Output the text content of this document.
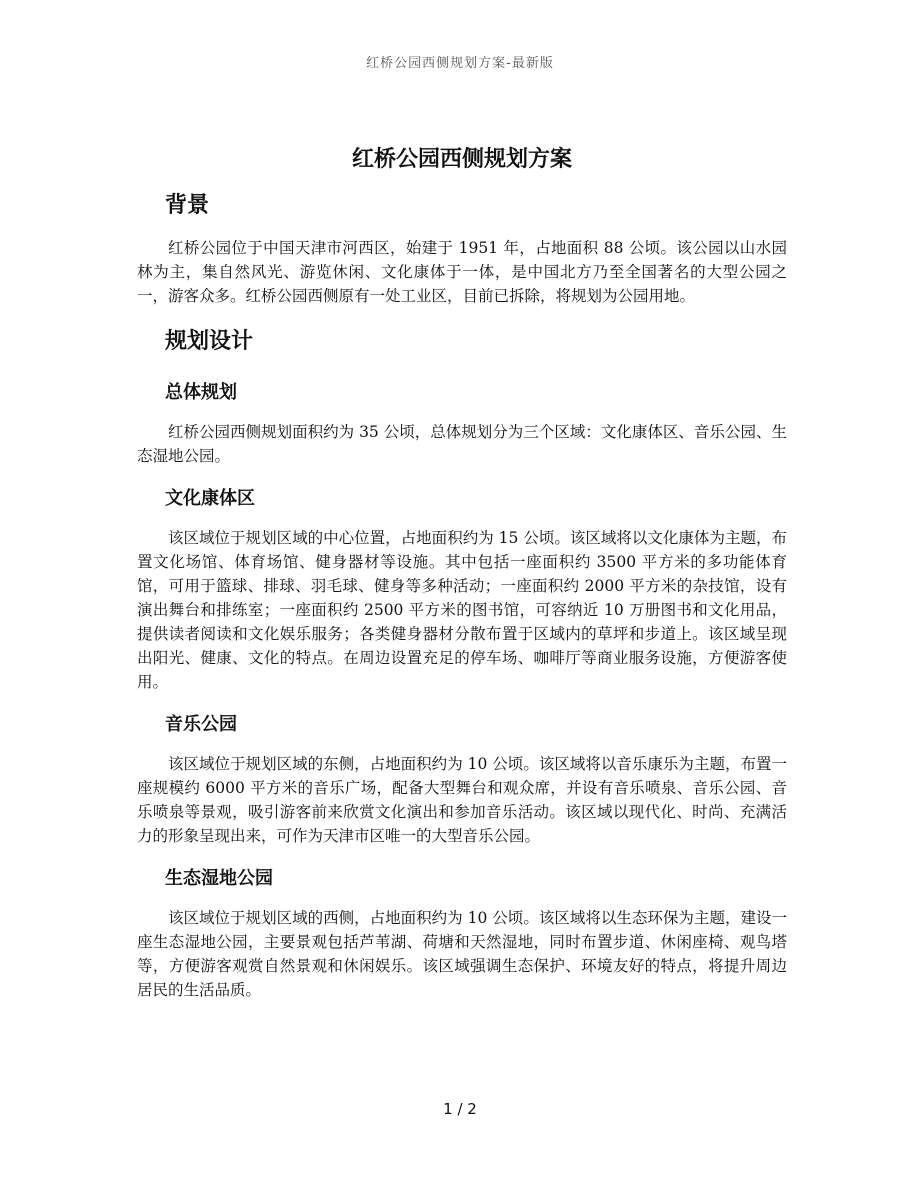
红桥公园西侧规划方案-最新版
红桥公园西侧规划方案
背景

红桥公园位于中国天津市河西区，始建于 1951 年，占地面积 88 公顷。该公园以山水园林为主，集自然风光、游览休闲、文化康体于一体，是中国北方乃至全国著名的大型公园之一，游客众多。红桥公园西侧原有一处工业区，目前已拆除，将规划为公园用地。

规划设计
总体规划

红桥公园西侧规划面积约为 35 公顷，总体规划分为三个区域：文化康体区、音乐公园、生态湿地公园。

文化康体区

该区域位于规划区域的中心位置，占地面积约为 15 公顷。该区域将以文化康体为主题，布置文化场馆、体育场馆、健身器材等设施。其中包括一座面积约 3500 平方米的多功能体育馆，可用于篮球、排球、羽毛球、健身等多种活动；一座面积约 2000 平方米的杂技馆，设有演出舞台和排练室；一座面积约 2500 平方米的图书馆，可容纳近 10 万册图书和文化用品，提供读者阅读和文化娱乐服务；各类健身器材分散布置于区域内的草坪和步道上。该区域呈现出阳光、健康、文化的特点。在周边设置充足的停车场、咖啡厅等商业服务设施，方便游客使用。

音乐公园

该区域位于规划区域的东侧，占地面积约为 10 公顷。该区域将以音乐康乐为主题，布置一座规模约 6000 平方米的音乐广场，配备大型舞台和观众席，并设有音乐喷泉、音乐公园、音乐喷泉等景观，吸引游客前来欣赏文化演出和参加音乐活动。该区域以现代化、时尚、充满活力的形象呈现出来，可作为天津市区唯一的大型音乐公园。

生态湿地公园

该区域位于规划区域的西侧，占地面积约为 10 公顷。该区域将以生态环保为主题，建设一座生态湿地公园，主要景观包括芦苇湖、荷塘和天然湿地，同时布置步道、休闲座椅、观鸟塔等，方便游客观赏自然景观和休闲娱乐。该区域强调生态保护、环境友好的特点，将提升周边居民的生活品质。

1 / 2
